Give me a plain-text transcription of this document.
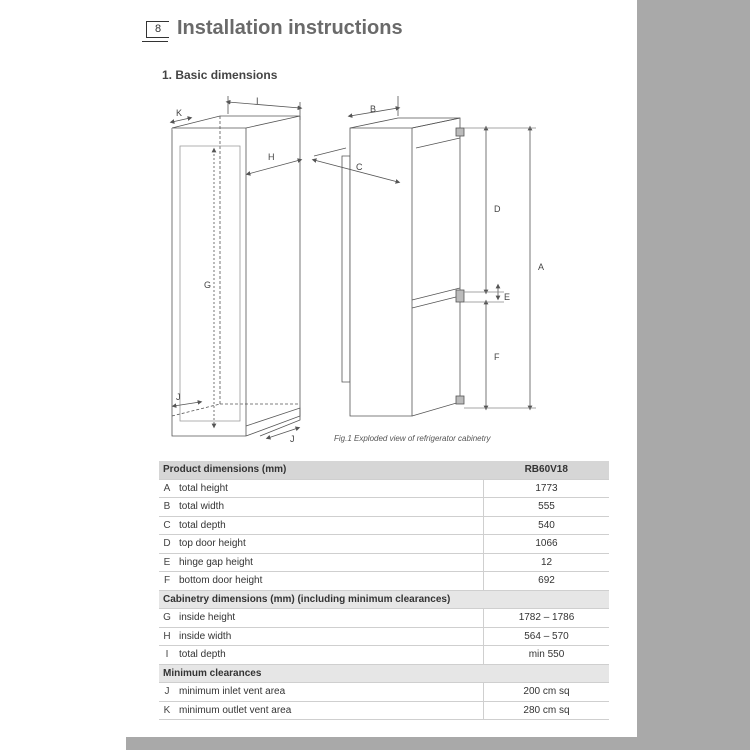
8 Installation instructions
1. Basic dimensions
I
K
H
G
J
J
B
C
D
E
F
A
Fig.1 Exploded view of refrigerator cabinetry
Product dimensions (mm)		RB60V18
A	total height	1773
B	total width	555
C	total depth	540
D	top door height	1066
E	hinge gap height	12
F	bottom door height	692
Cabinetry dimensions (mm) (including minimum clearances)		
G	inside height	1782 – 1786
H	inside width	564 – 570
I	total depth	min 550
Minimum clearances		
J	minimum inlet vent area	200 cm sq
K	minimum outlet vent area	280 cm sq
